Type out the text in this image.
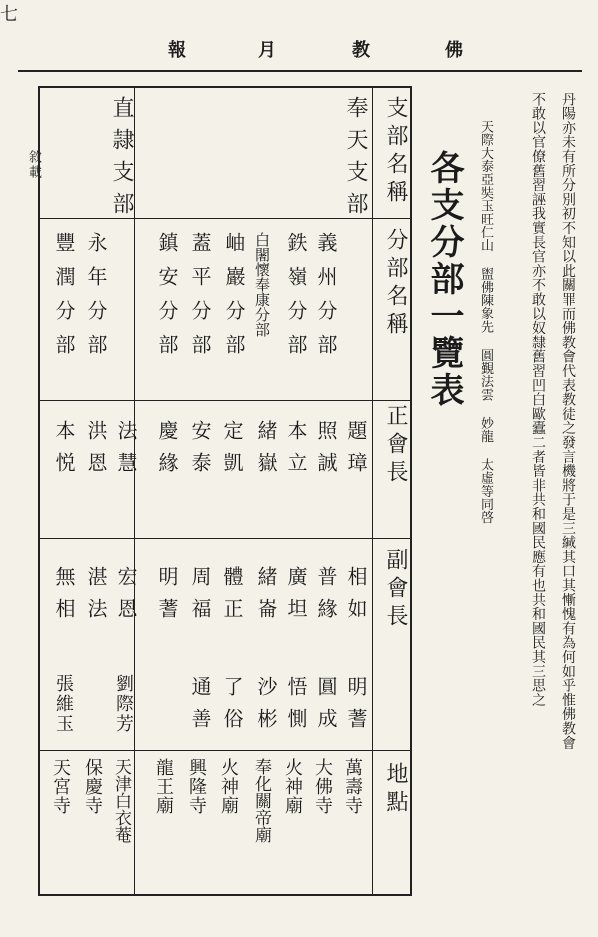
佛
教
月
報
丹陽亦未有所分別初不知以此關罪而佛教會代表教徒之發言機將于是三緘其口其慚愧有為何如乎惟佛教會
不敢以官僚舊習誣我實長官亦不敢以奴隸舊習凹白歐蠹二者皆非共和國民應有也共和國民其三思之
天際大泰亞奘玉旺仁山 盥佛陳象先 圓覲法雲 妙龍 太虛等同啓
各支分部一覽表
敘載
七
支部名稱
分部名稱
正會長
副會長
地點
奉天支部
義州分部
鉄嶺分部
白闍懷奉康分部
岫巖分部
蓋平分部
鎮安分部
題璋
照誠
本立
緒嶽
定凱
安泰
慶緣
相如
普緣
廣坦
緒崙
體正
周福
明蓍
明蓍
圓成
悟惻
沙彬
了俗
通善
萬壽寺
大佛寺
火神廟
奉化關帝廟
火神廟
興隆寺
龍王廟
直隷支部
永年分部
豐潤分部
法慧
洪恩
本悦
宏恩
湛法
無相
劉際芳
張維玉
天津白衣菴
保慶寺
天宮寺
